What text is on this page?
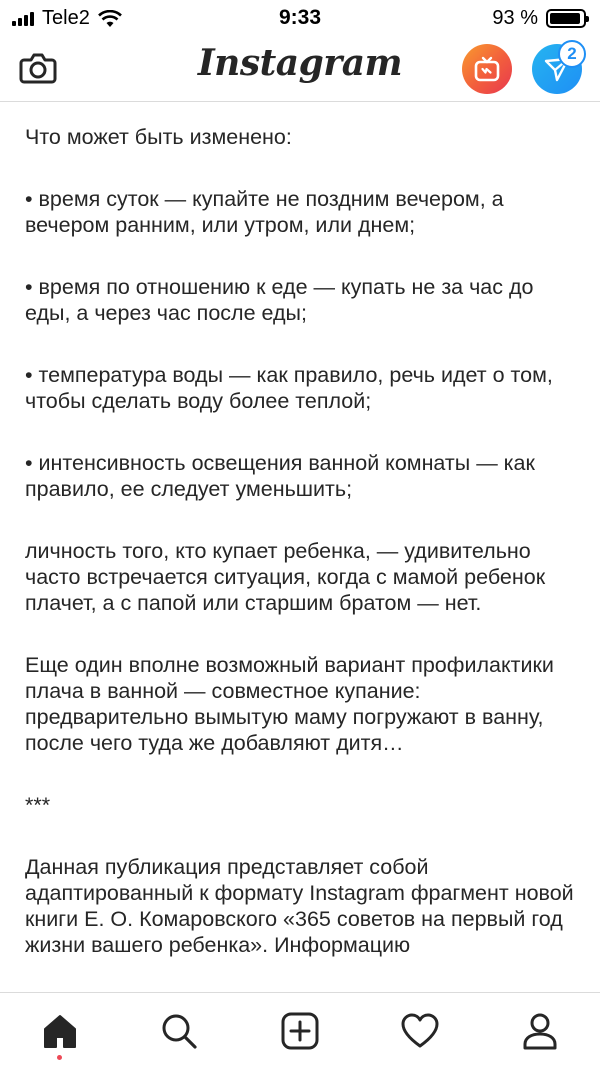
Tele2	9:33	93 %
Instagram	2

Что может быть изменено:

• время суток — купайте не поздним вечером, а вечером ранним, или утром, или днем;

• время по отношению к еде — купать не за час до еды, а через час после еды;

• температура воды — как правило, речь идет о том, чтобы сделать воду более теплой;

• интенсивность освещения ванной комнаты — как правило, ее следует уменьшить;

личность того, кто купает ребенка, — удивительно часто встречается ситуация, когда с мамой ребенок плачет, а с папой или старшим братом — нет.

Еще один вполне возможный вариант профилактики плача в ванной — совместное купание: предварительно вымытую маму погружают в ванну, после чего туда же добавляют дитя…

***

Данная публикация представляет собой адаптированный к формату Instagram фрагмент новой книги Е. О. Комаровского «365 советов на первый год жизни вашего ребенка». Информацию
